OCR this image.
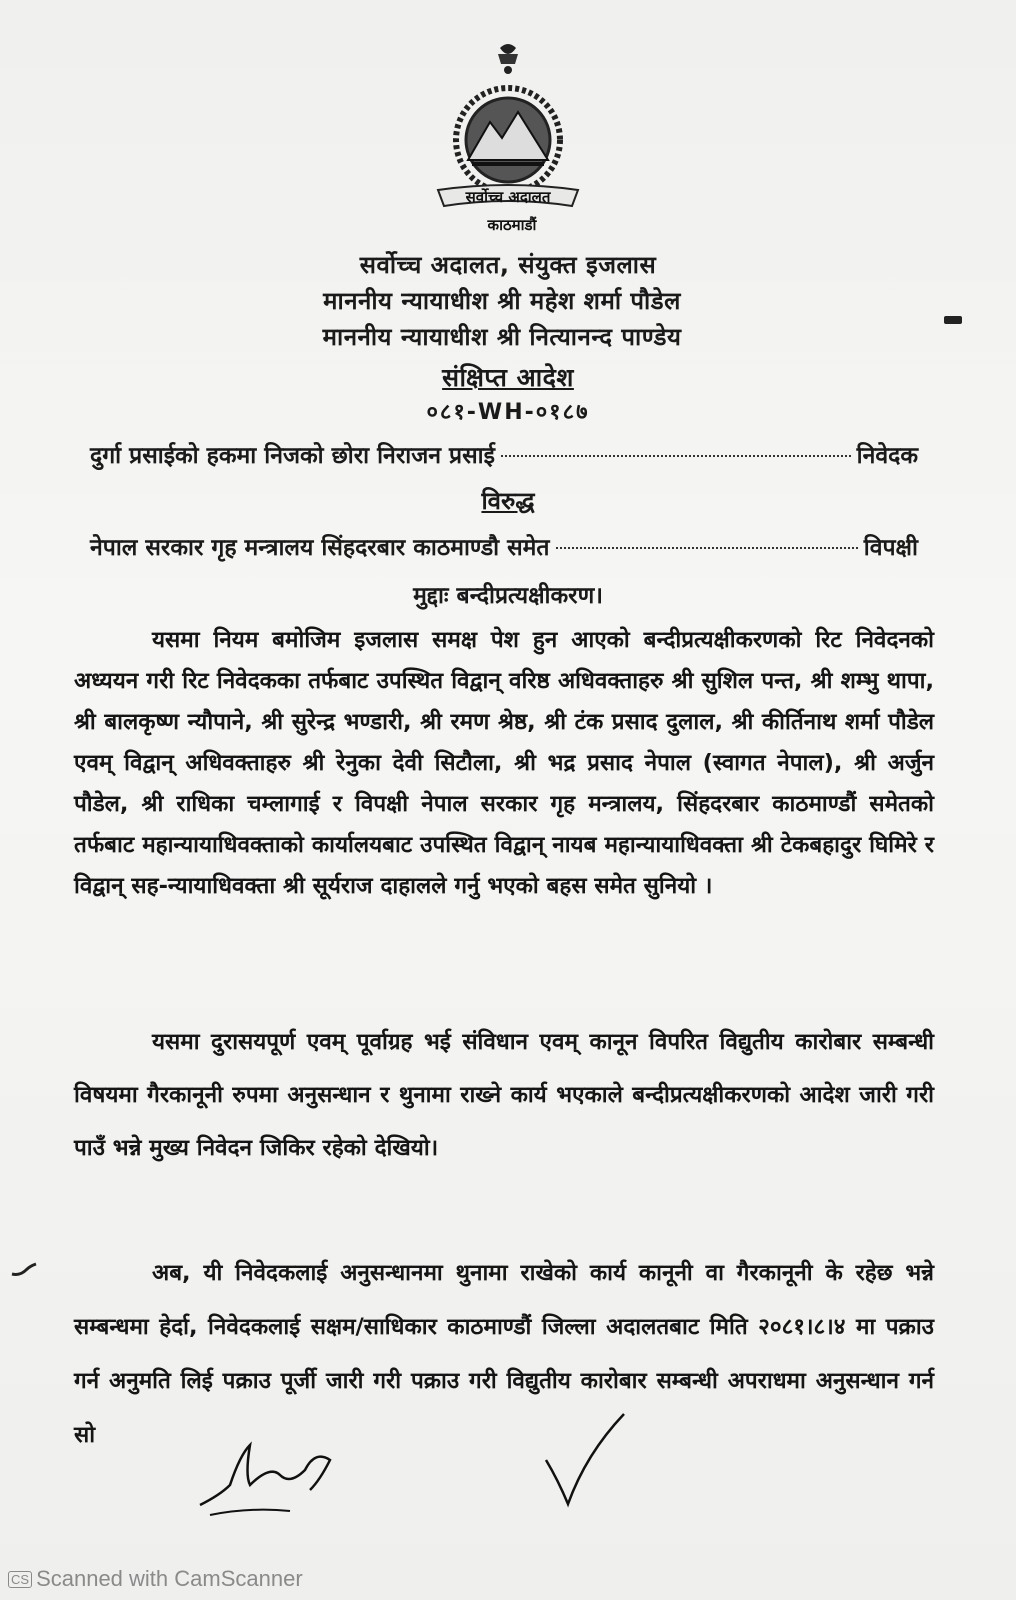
सर्वोच्च अदालत
काठमाडौं
सर्वोच्च अदालत, संयुक्त इजलास
माननीय न्यायाधीश श्री महेश शर्मा पौडेल
माननीय न्यायाधीश श्री नित्यानन्द पाण्डेय
संक्षिप्त आदेश
०८१-WH-०१८७
दुर्गा प्रसाईको हकमा निजको छोरा निराजन प्रसाई	निवेदक
विरुद्ध
नेपाल सरकार गृह मन्त्रालय सिंहदरबार काठमाण्डौ समेत	विपक्षी
मुद्दाः बन्दीप्रत्यक्षीकरण।
यसमा नियम बमोजिम इजलास समक्ष पेश हुन आएको बन्दीप्रत्यक्षीकरणको रिट निवेदनको अध्ययन गरी रिट निवेदकका तर्फबाट उपस्थित विद्वान् वरिष्ठ अधिवक्ताहरु श्री सुशिल पन्त, श्री शम्भु थापा, श्री बालकृष्ण न्यौपाने, श्री सुरेन्द्र भण्डारी, श्री रमण श्रेष्ठ, श्री टंक प्रसाद दुलाल, श्री कीर्तिनाथ शर्मा पौडेल एवम् विद्वान् अधिवक्ताहरु श्री रेनुका देवी सिटौला, श्री भद्र प्रसाद नेपाल (स्वागत नेपाल), श्री अर्जुन पौडेल, श्री राधिका चम्लागाई र विपक्षी नेपाल सरकार गृह मन्त्रालय, सिंहदरबार काठमाण्डौं समेतको तर्फबाट महान्यायाधिवक्ताको कार्यालयबाट उपस्थित विद्वान् नायब महान्यायाधिवक्ता श्री टेकबहादुर घिमिरे र विद्वान् सह-न्यायाधिवक्ता श्री सूर्यराज दाहालले गर्नु भएको बहस समेत सुनियो ।
यसमा दुरासयपूर्ण एवम् पूर्वाग्रह भई संविधान एवम् कानून विपरित विद्युतीय कारोबार सम्बन्धी विषयमा गैरकानूनी रुपमा अनुसन्धान र थुनामा राख्ने कार्य भएकाले बन्दीप्रत्यक्षीकरणको आदेश जारी गरी पाउँ भन्ने मुख्य निवेदन जिकिर रहेको देखियो।
अब, यी निवेदकलाई अनुसन्धानमा थुनामा राखेको कार्य कानूनी वा गैरकानूनी के रहेछ भन्ने सम्बन्धमा हेर्दा, निवेदकलाई सक्षम/साधिकार काठमाण्डौं जिल्ला अदालतबाट मिति २०८१।८।४ मा पक्राउ गर्न अनुमति लिई पक्राउ पूर्जी जारी गरी पक्राउ गरी विद्युतीय कारोबार सम्बन्धी अपराधमा अनुसन्धान गर्न सो
CS Scanned with CamScanner
